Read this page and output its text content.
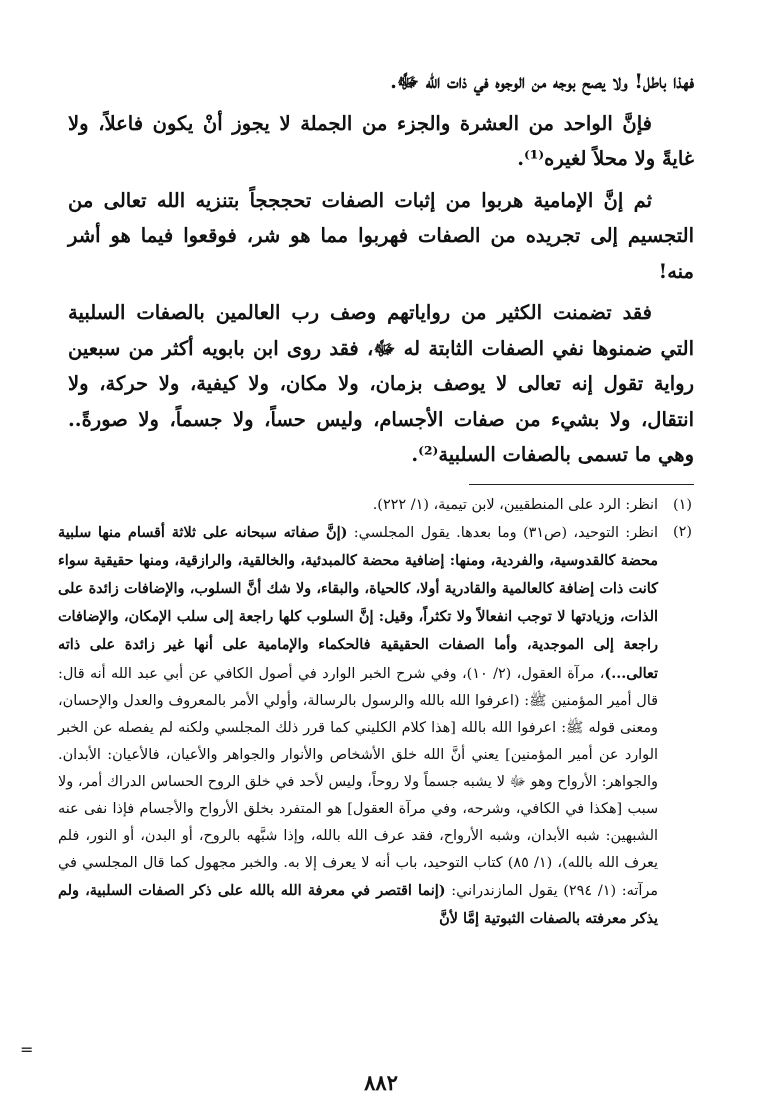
فهذا باطل! ولا يصح بوجه من الوجوه في ذات الله ﷻ.

فإنَّ الواحد من العشرة والجزء من الجملة لا يجوز أنْ يكون فاعلاً، ولا غايةً ولا محلاً لغيره⁽¹⁾.

ثم إنَّ الإمامية هربوا من إثبات الصفات تحجججاً بتنزيه الله تعالى من التجسيم إلى تجريده من الصفات فهربوا مما هو شر، فوقعوا فيما هو أشر منه!

فقد تضمنت الكثير من رواياتهم وصف رب العالمين بالصفات السلبية التي ضمنوها نفي الصفات الثابتة له ﷻ، فقد روى ابن بابويه أكثر من سبعين رواية تقول إنه تعالى لا يوصف بزمان، ولا مكان، ولا كيفية، ولا حركة، ولا انتقال، ولا بشيء من صفات الأجسام، وليس حساً، ولا جسماً، ولا صورةً.. وهي ما تسمى بالصفات السلبية⁽²⁾.

(١)
انظر: الرد على المنطقيين، لابن تيمية، (١/ ٢٢٢).
(٢)
انظر: التوحيد، (ص٣١) وما بعدها. يقول المجلسي: (إنَّ صفاته سبحانه على ثلاثة أقسام منها سلبية محضة كالقدوسية، والفردية، ومنها: إضافية محضة كالمبدئية، والخالقية، والرازقية، ومنها حقيقية سواء كانت ذات إضافة كالعالمية والقادرية أولا، كالحياة، والبقاء، ولا شك أنَّ السلوب، والإضافات زائدة على الذات، وزيادتها لا توجب انفعالاً ولا تكثراً، وقيل: إنَّ السلوب كلها راجعة إلى سلب الإمكان، والإضافات راجعة إلى الموجدية، وأما الصفات الحقيقية فالحكماء والإمامية على أنها غير زائدة على ذاته تعالى...)، مرآة العقول، (٢/ ١٠)، وفي شرح الخبر الوارد في أصول الكافي عن أبي عبد الله أنه قال: قال أمير المؤمنين ﷺ: (اعرفوا الله بالله والرسول بالرسالة، وأولي الأمر بالمعروف والعدل والإحسان، ومعنى قوله ﷺ: اعرفوا الله بالله [هذا كلام الكليني كما قرر ذلك المجلسي ولكنه لم يفصله عن الخبر الوارد عن أمير المؤمنين] يعني أنَّ الله خلق الأشخاص والأنوار والجواهر والأعيان، فالأعيان: الأبدان. والجواهر: الأرواح وهو ﷻ لا يشبه جسماً ولا روحاً، وليس لأحد في خلق الروح الحساس الدراك أمر، ولا سبب [هكذا في الكافي، وشرحه، وفي مرآة العقول] هو المتفرد بخلق الأرواح والأجسام فإذا نفى عنه الشبهين: شبه الأبدان، وشبه الأرواح، فقد عرف الله بالله، وإذا شبَّهه بالروح، أو البدن، أو النور، فلم يعرف الله بالله)، (١/ ٨٥) كتاب التوحيد، باب أنه لا يعرف إلا به. والخبر مجهول كما قال المجلسي في مرآته: (١/ ٢٩٤) يقول المازندراني: (إنما اقتصر في معرفة الله بالله على ذكر الصفات السلبية، ولم يذكر معرفته بالصفات الثبوتية إمَّا لأنَّ
=
٨٨٢
